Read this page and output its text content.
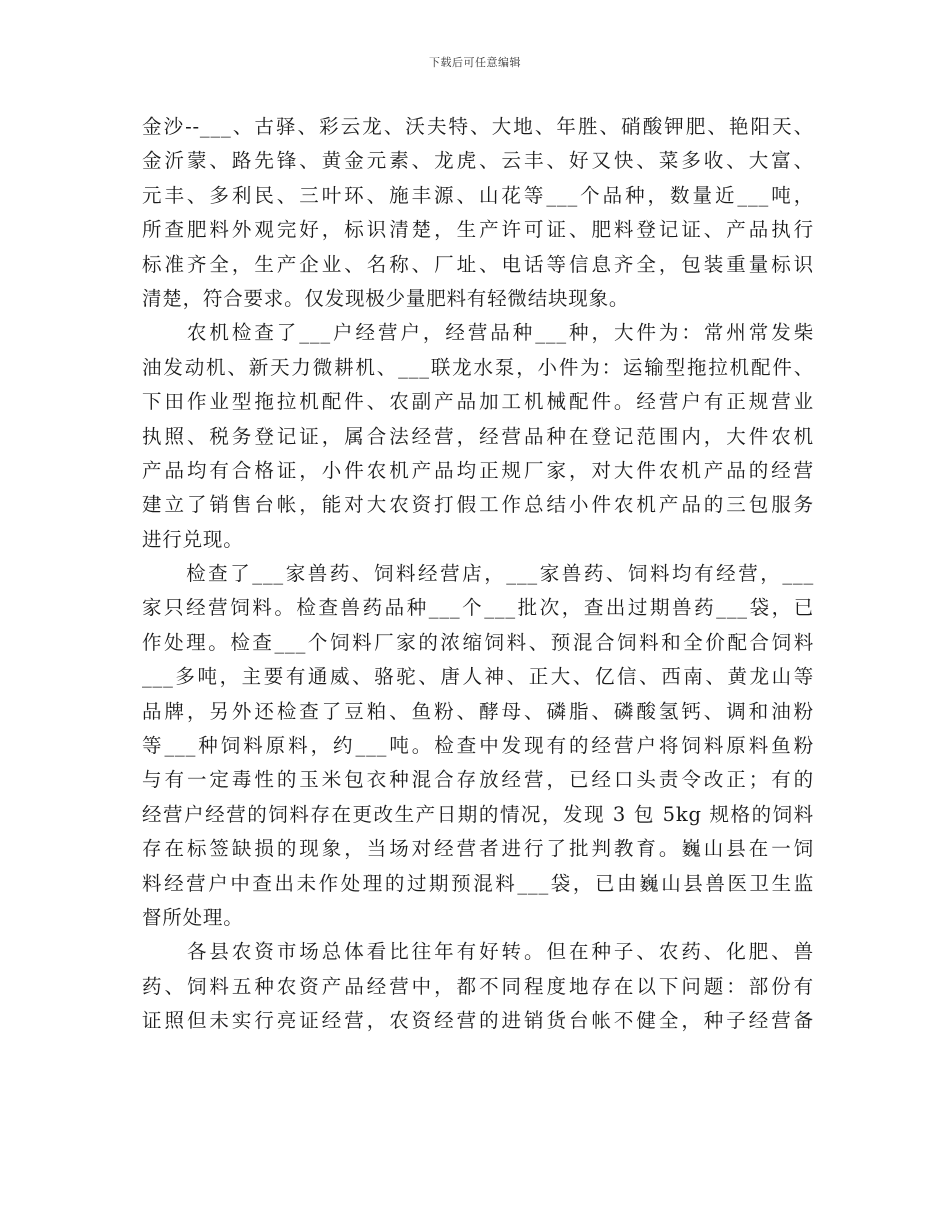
下载后可任意编辑
金沙--___、古驿、彩云龙、沃夫特、大地、年胜、硝酸钾肥、艳阳天、
金沂蒙、路先锋、黄金元素、龙虎、云丰、好又快、菜多收、大富、
元丰、多利民、三叶环、施丰源、山花等___个品种，数量近___吨，
所查肥料外观完好，标识清楚，生产许可证、肥料登记证、产品执行
标准齐全，生产企业、名称、厂址、电话等信息齐全，包装重量标识
清楚，符合要求。仅发现极少量肥料有轻微结块现象。
　　农机检查了___户经营户，经营品种___种，大件为：常州常发柴
油发动机、新天力微耕机、___联龙水泵，小件为：运输型拖拉机配件、
下田作业型拖拉机配件、农副产品加工机械配件。经营户有正规营业
执照、税务登记证，属合法经营，经营品种在登记范围内，大件农机
产品均有合格证，小件农机产品均正规厂家，对大件农机产品的经营
建立了销售台帐，能对大农资打假工作总结小件农机产品的三包服务
进行兑现。
　　检查了___家兽药、饲料经营店，___家兽药、饲料均有经营，___
家只经营饲料。检查兽药品种___个___批次，查出过期兽药___袋，已
作处理。检查___个饲料厂家的浓缩饲料、预混合饲料和全价配合饲料
___多吨，主要有通威、骆驼、唐人神、正大、亿信、西南、黄龙山等
品牌，另外还检查了豆粕、鱼粉、酵母、磷脂、磷酸氢钙、调和油粉
等___种饲料原料，约___吨。检查中发现有的经营户将饲料原料鱼粉
与有一定毒性的玉米包衣种混合存放经营，已经口头责令改正；有的
经营户经营的饲料存在更改生产日期的情况，发现 3 包 5kg 规格的饲料
存在标签缺损的现象，当场对经营者进行了批判教育。巍山县在一饲
料经营户中查出未作处理的过期预混料___袋，已由巍山县兽医卫生监
督所处理。
　　各县农资市场总体看比往年有好转。但在种子、农药、化肥、兽
药、饲料五种农资产品经营中，都不同程度地存在以下问题：部份有
证照但未实行亮证经营，农资经营的进销货台帐不健全，种子经营备
